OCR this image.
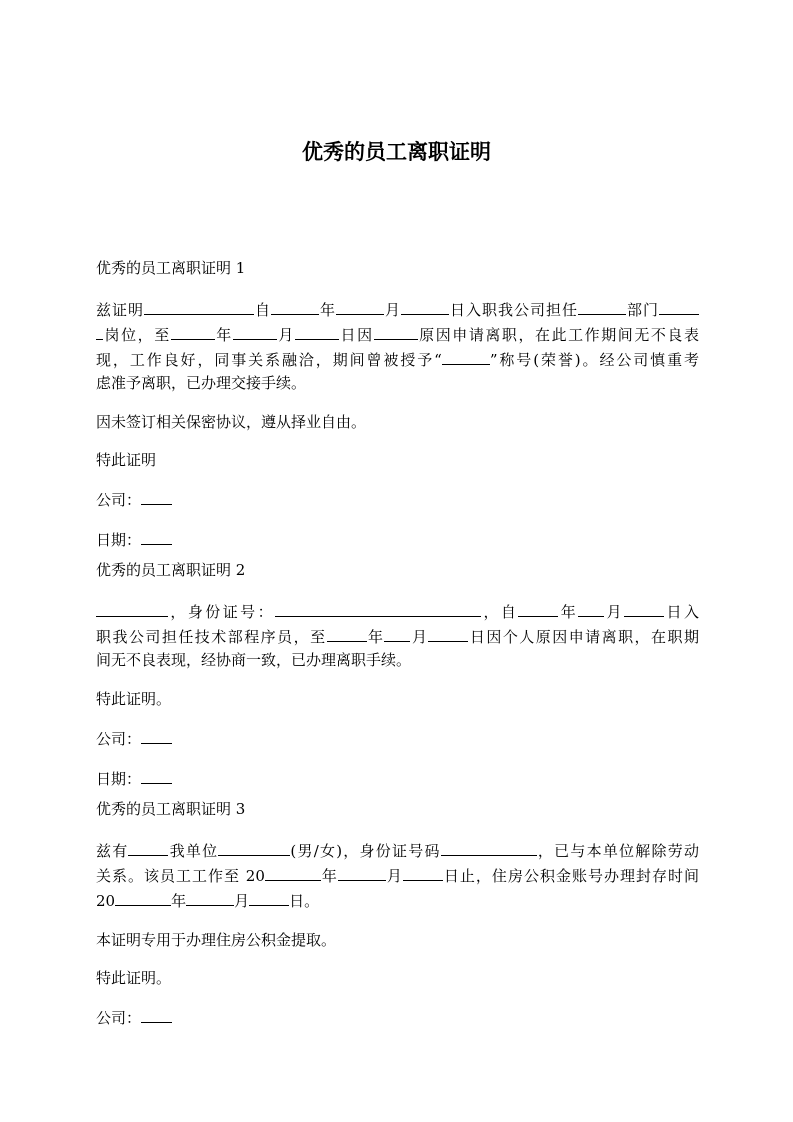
优秀的员工离职证明

优秀的员工离职证明 1

兹证明	自	年	月	日入职我公司担任	部门
岗位，至	年	月	日因	原因申请离职，在此工作期间无不良表
现，工作良好，同事关系融洽，期间曾被授予“	”称号(荣誉)。经公司慎重考
虑准予离职，已办理交接手续。

因未签订相关保密协议，遵从择业自由。

特此证明

公司：

日期：

优秀的员工离职证明 2

，身份证号：	，自	年 月	日入
职我公司担任技术部程序员，至	年 月	日因个人原因申请离职，在职期
间无不良表现，经协商一致，已办理离职手续。

特此证明。

公司：

日期：

优秀的员工离职证明 3

兹有	我单位	(男/女)，身份证号码	，已与本单位解除劳动
关系。该员工工作至 20	年	月	日止，住房公积金账号办理封存时间
20	年	月	日。

本证明专用于办理住房公积金提取。

特此证明。

公司：
